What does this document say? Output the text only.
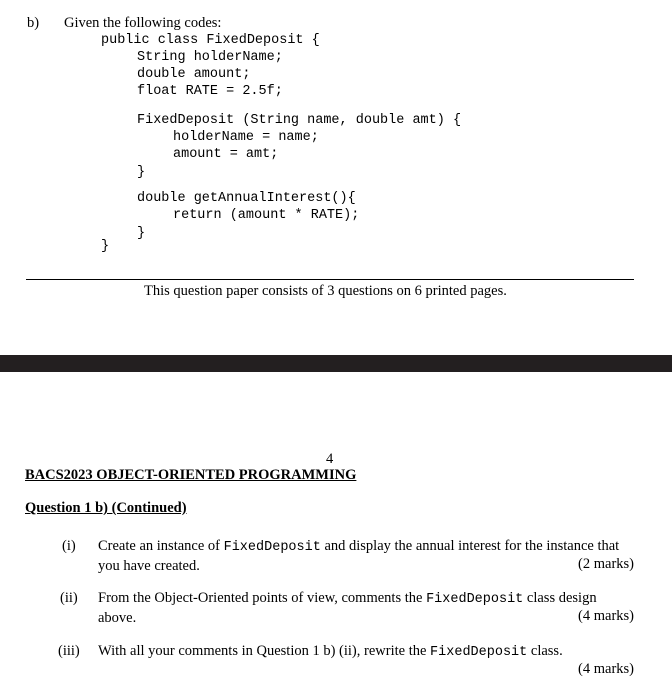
b) Given the following codes:
public class FixedDeposit {
String holderName;
double amount;
float RATE = 2.5f;
FixedDeposit (String name, double amt) {
holderName = name;
amount = amt;
}
double getAnnualInterest(){
return (amount * RATE);
}
}
This question paper consists of 3 questions on 6 printed pages.
4
BACS2023 OBJECT-ORIENTED PROGRAMMING
Question 1 b) (Continued)
(i) Create an instance of FixedDeposit and display the annual interest for the instance that you have created.	(2 marks)
(ii) From the Object-Oriented points of view, comments the FixedDeposit class design above.	(4 marks)
(iii) With all your comments in Question 1 b) (ii), rewrite the FixedDeposit class.
(4 marks)
